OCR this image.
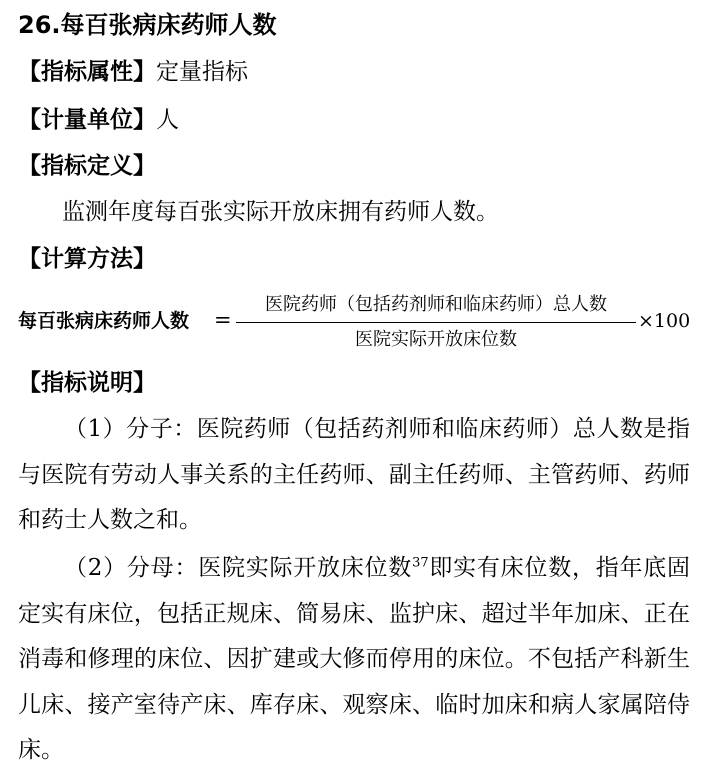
26.每百张病床药师人数
【指标属性】定量指标
【计量单位】人
【指标定义】
监测年度每百张实际开放床拥有药师人数。
【计算方法】
每百张病床药师人数 =
医院药师（包括药剂师和临床药师）总人数
医院实际开放床位数
×100
【指标说明】
（1）分子：医院药师（包括药剂师和临床药师）总人数是指与医院有劳动人事关系的主任药师、副主任药师、主管药师、药师和药士人数之和。
（2）分母：医院实际开放床位数$^{37}$即实有床位数，指年底固定实有床位，包括正规床、简易床、监护床、超过半年加床、正在消毒和修理的床位、因扩建或大修而停用的床位。不包括产科新生儿床、接产室待产床、库存床、观察床、临时加床和病人家属陪侍床。
